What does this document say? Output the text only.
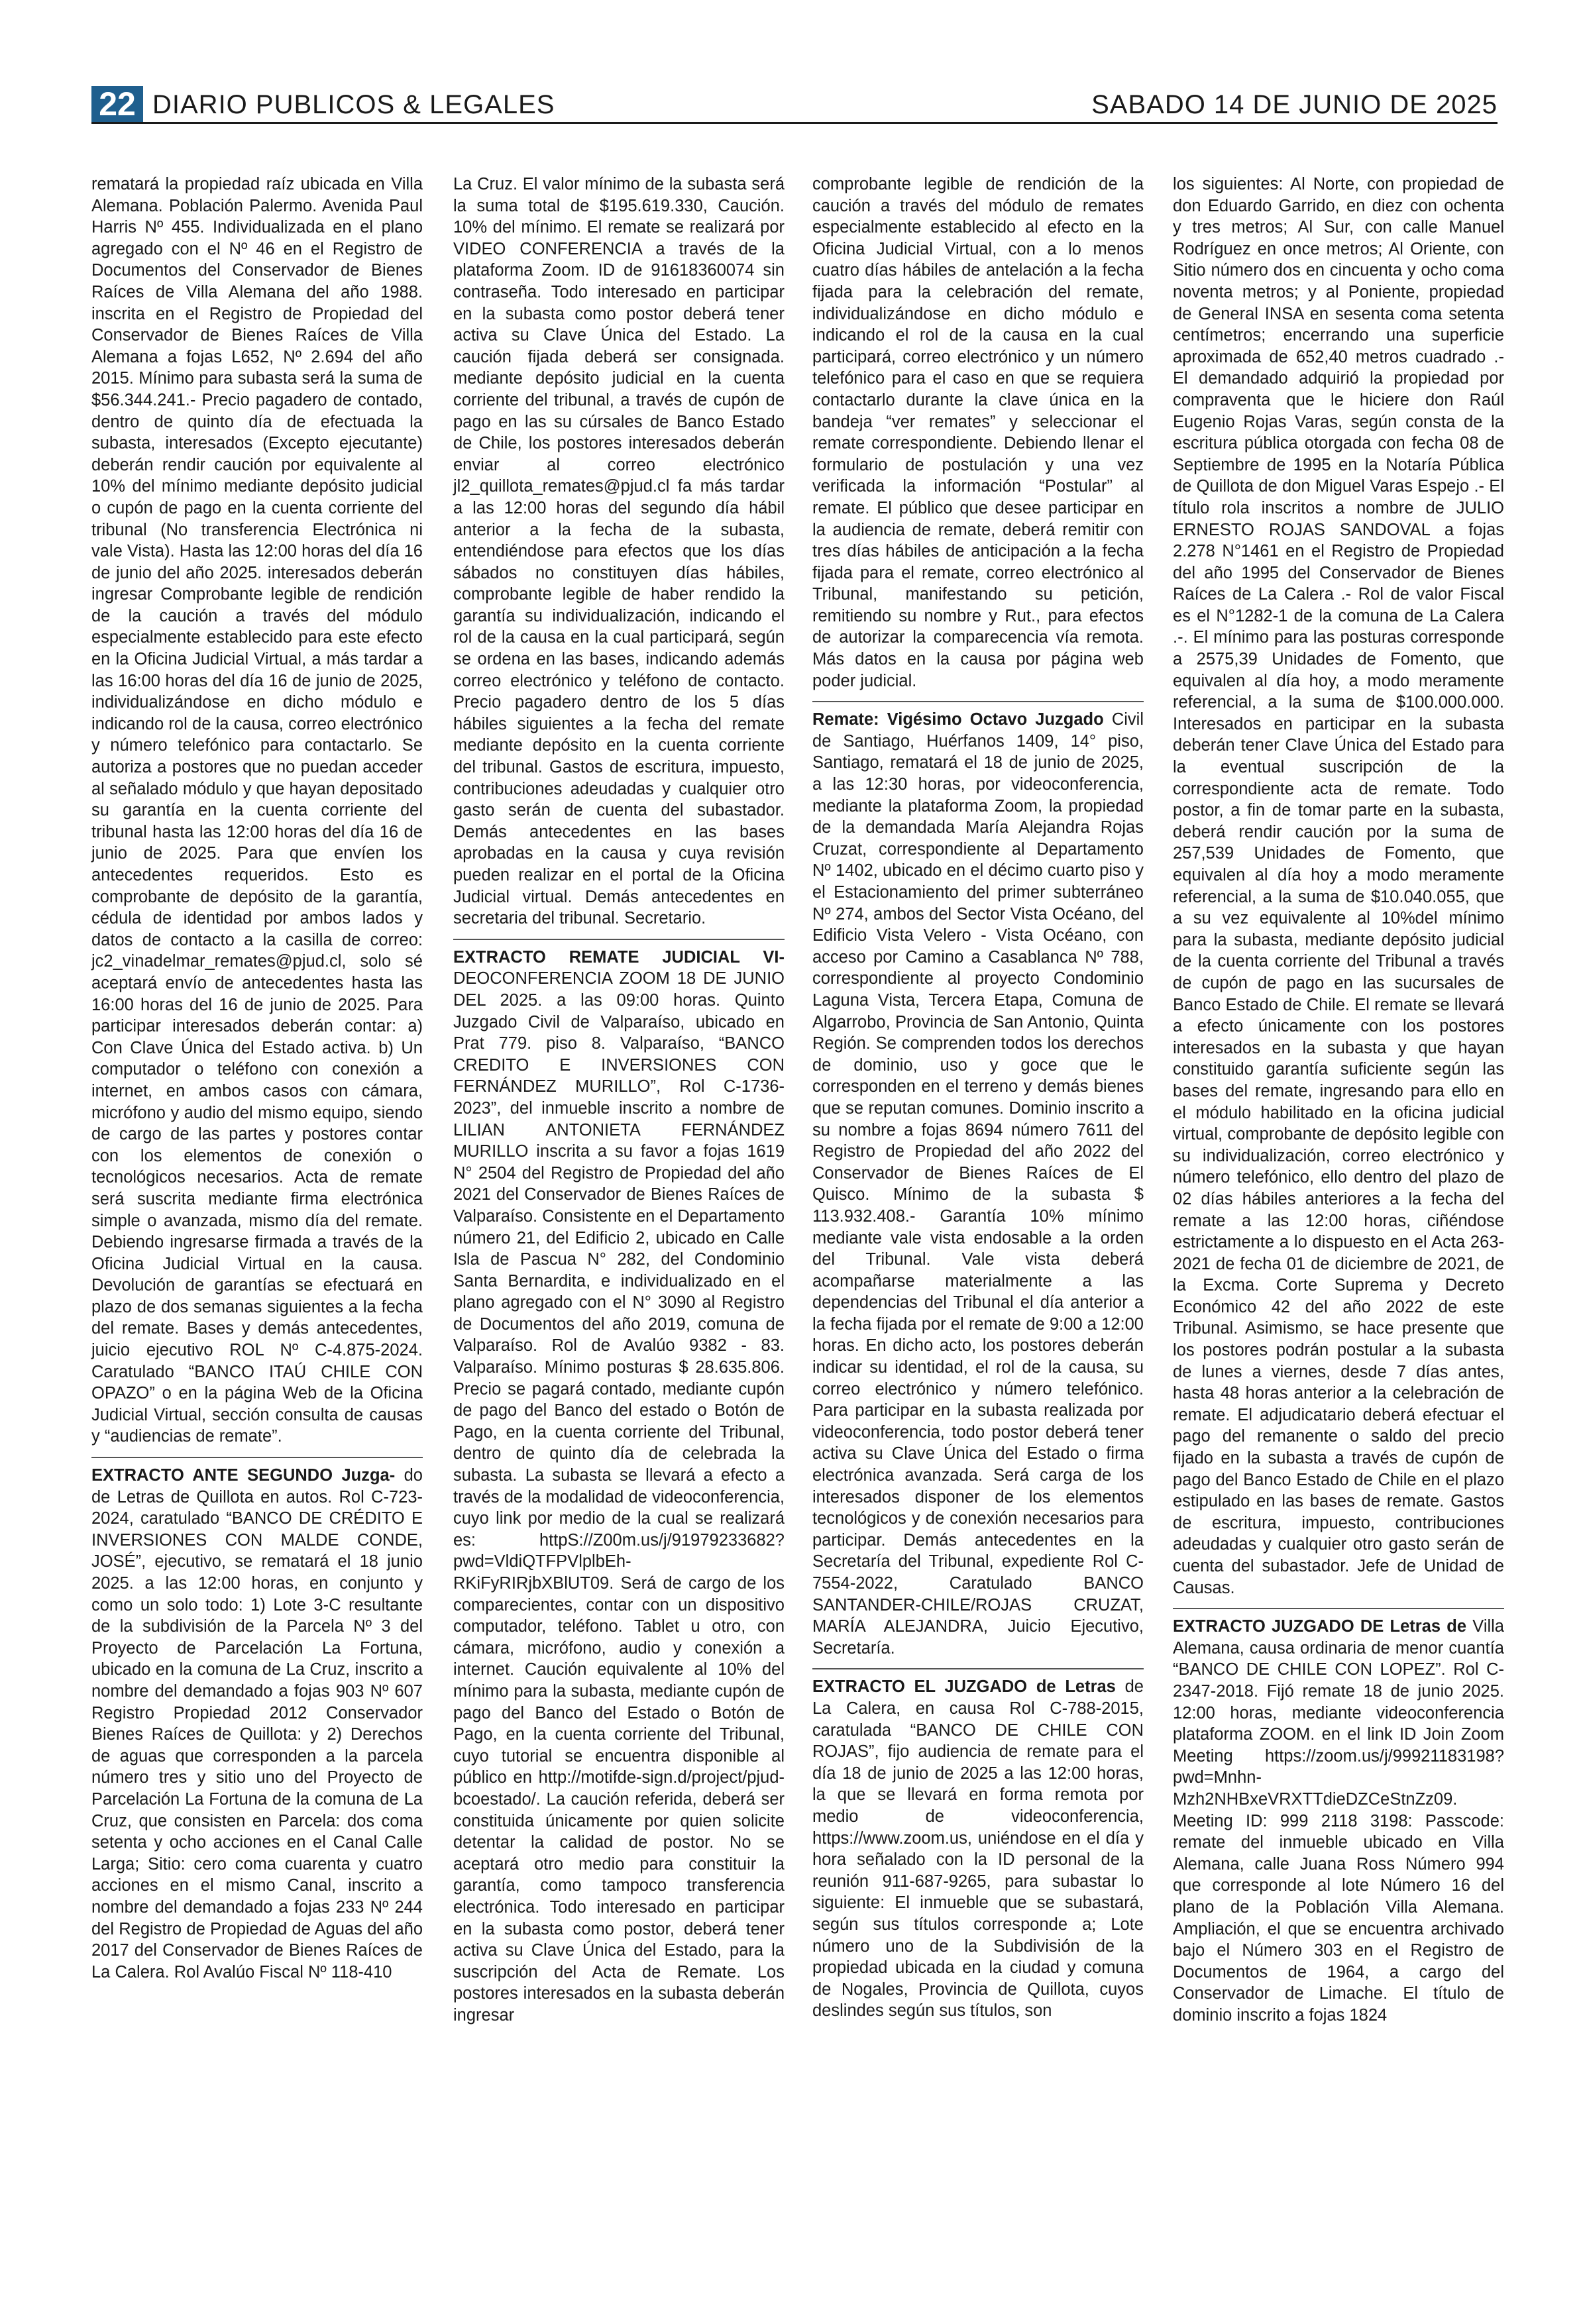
22 DIARIO PUBLICOS & LEGALES	SABADO 14 DE JUNIO DE 2025

rematará la propiedad raíz ubicada en Villa Alemana. Población Palermo. Avenida Paul Harris Nº 455. Individualizada en el plano agregado con el Nº 46 en el Registro de Documentos del Conservador de Bienes Raíces de Villa Alemana del año 1988. inscrita en el Registro de Propiedad del Conservador de Bienes Raíces de Villa Alemana a fojas L652, Nº 2.694 del año 2015. Mínimo para subasta será la suma de $56.344.241.- Precio pagadero de contado, dentro de quinto día de efectuada la subasta, interesados (Excepto ejecutante) deberán rendir caución por equivalente al 10% del mínimo mediante depósito judicial o cupón de pago en la cuenta corriente del tribunal (No transferencia Electrónica ni vale Vista). Hasta las 12:00 horas del día 16 de junio del año 2025. interesados deberán ingresar Comprobante legible de rendición de la caución a través del módulo especialmente establecido para este efecto en la Oficina Judicial Virtual, a más tardar a las 16:00 horas del día 16 de junio de 2025, individualizándose en dicho módulo e indicando rol de la causa, correo electrónico y número telefónico para contactarlo. Se autoriza a postores que no puedan acceder al señalado módulo y que hayan depositado su garantía en la cuenta corriente del tribunal hasta las 12:00 horas del día 16 de junio de 2025. Para que envíen los antecedentes requeridos. Esto es comprobante de depósito de la garantía, cédula de identidad por ambos lados y datos de contacto a la casilla de correo: jc2_vinadelmar_remates@pjud.cl, solo sé aceptará envío de antecedentes hasta las 16:00 horas del 16 de junio de 2025. Para participar interesados deberán contar: a) Con Clave Única del Estado activa. b) Un computador o teléfono con conexión a internet, en ambos casos con cámara, micrófono y audio del mismo equipo, siendo de cargo de las partes y postores contar con los elementos de conexión o tecnológicos necesarios. Acta de remate será suscrita mediante firma electrónica simple o avanzada, mismo día del remate. Debiendo ingresarse firmada a través de la Oficina Judicial Virtual en la causa. Devolución de garantías se efectuará en plazo de dos semanas siguientes a la fecha del remate. Bases y demás antecedentes, juicio ejecutivo ROL Nº C-4.875-2024. Caratulado “BANCO ITAÚ CHILE CON OPAZO” o en la página Web de la Oficina Judicial Virtual, sección consulta de causas y “audiencias de remate”.

EXTRACTO ANTE SEGUNDO Juzga- do de Letras de Quillota en autos. Rol C-723-2024, caratulado “BANCO DE CRÉDITO E INVERSIONES CON MALDE CONDE, JOSÉ”, ejecutivo, se rematará el 18 junio 2025. a las 12:00 horas, en conjunto y como un solo todo: 1) Lote 3-C resultante de la subdivisión de la Parcela Nº 3 del Proyecto de Parcelación La Fortuna, ubicado en la comuna de La Cruz, inscrito a nombre del demandado a fojas 903 Nº 607 Registro Propiedad 2012 Conservador Bienes Raíces de Quillota: y 2) Derechos de aguas que corresponden a la parcela número tres y sitio uno del Proyecto de Parcelación La Fortuna de la comuna de La Cruz, que consisten en Parcela: dos coma setenta y ocho acciones en el Canal Calle Larga; Sitio: cero coma cuarenta y cuatro acciones en el mismo Canal, inscrito a nombre del demandado a fojas 233 Nº 244 del Registro de Propiedad de Aguas del año 2017 del Conservador de Bienes Raíces de La Calera. Rol Avalúo Fiscal Nº 118-410

La Cruz. El valor mínimo de la subasta será la suma total de $195.619.330, Caución. 10% del mínimo. El remate se realizará por VIDEO CONFERENCIA a través de la plataforma Zoom. ID de 91618360074 sin contraseña. Todo interesado en participar en la subasta como postor deberá tener activa su Clave Única del Estado. La caución fijada deberá ser consignada. mediante depósito judicial en la cuenta corriente del tribunal, a través de cupón de pago en las su cúrsales de Banco Estado de Chile, los postores interesados deberán enviar al correo electrónico jl2_quillota_remates@pjud.cl fa más tardar a las 12:00 horas del segundo día hábil anterior a la fecha de la subasta, entendiéndose para efectos que los días sábados no constituyen días hábiles, comprobante legible de haber rendido la garantía su individualización, indicando el rol de la causa en la cual participará, según se ordena en las bases, indicando además correo electrónico y teléfono de contacto. Precio pagadero dentro de los 5 días hábiles siguientes a la fecha del remate mediante depósito en la cuenta corriente del tribunal. Gastos de escritura, impuesto, contribuciones adeudadas y cualquier otro gasto serán de cuenta del subastador. Demás antecedentes en las bases aprobadas en la causa y cuya revisión pueden realizar en el portal de la Oficina Judicial virtual. Demás antecedentes en secretaria del tribunal. Secretario.

EXTRACTO REMATE JUDICIAL VI- DEOCONFERENCIA ZOOM 18 DE JUNIO DEL 2025. a las 09:00 horas. Quinto Juzgado Civil de Valparaíso, ubicado en Prat 779. piso 8. Valparaíso, “BANCO CREDITO E INVERSIONES CON FERNÁNDEZ MURILLO”, Rol C-1736-2023”, del inmueble inscrito a nombre de LILIAN ANTONIETA FERNÁNDEZ MURILLO inscrita a su favor a fojas 1619 N° 2504 del Registro de Propiedad del año 2021 del Conservador de Bienes Raíces de Valparaíso. Consistente en el Departamento número 21, del Edificio 2, ubicado en Calle Isla de Pascua N° 282, del Condominio Santa Bernardita, e individualizado en el plano agregado con el N° 3090 al Registro de Documentos del año 2019, comuna de Valparaíso. Rol de Avalúo 9382 - 83. Valparaíso. Mínimo posturas $ 28.635.806. Precio se pagará contado, mediante cupón de pago del Banco del estado o Botón de Pago, en la cuenta corriente del Tribunal, dentro de quinto día de celebrada la subasta. La subasta se llevará a efecto a través de la modalidad de videoconferencia, cuyo link por medio de la cual se realizará es: httpS://Z00m.us/j/91979233682?pwd=VldiQTFPVlplbEh-RKiFyRIRjbXBlUT09. Será de cargo de los comparecientes, contar con un dispositivo computador, teléfono. Tablet u otro, con cámara, micrófono, audio y conexión a internet. Caución equivalente al 10% del mínimo para la subasta, mediante cupón de pago del Banco del Estado o Botón de Pago, en la cuenta corriente del Tribunal, cuyo tutorial se encuentra disponible al público en http://motifde-sign.d/project/pjud-bcoestado/. La caución referida, deberá ser constituida únicamente por quien solicite detentar la calidad de postor. No se aceptará otro medio para constituir la garantía, como tampoco transferencia electrónica. Todo interesado en participar en la subasta como postor, deberá tener activa su Clave Única del Estado, para la suscripción del Acta de Remate. Los postores interesados en la subasta deberán ingresar

comprobante legible de rendición de la caución a través del módulo de remates especialmente establecido al efecto en la Oficina Judicial Virtual, con a lo menos cuatro días hábiles de antelación a la fecha fijada para la celebración del remate, individualizándose en dicho módulo e indicando el rol de la causa en la cual participará, correo electrónico y un número telefónico para el caso en que se requiera contactarlo durante la clave única en la bandeja “ver remates” y seleccionar el remate correspondiente. Debiendo llenar el formulario de postulación y una vez verificada la información “Postular” al remate. El público que desee participar en la audiencia de remate, deberá remitir con tres días hábiles de anticipación a la fecha fijada para el remate, correo electrónico al Tribunal, manifestando su petición, remitiendo su nombre y Rut., para efectos de autorizar la comparecencia vía remota. Más datos en la causa por página web poder judicial.

Remate: Vigésimo Octavo Juzgado Civil de Santiago, Huérfanos 1409, 14° piso, Santiago, rematará el 18 de junio de 2025, a las 12:30 horas, por videoconferencia, mediante la plataforma Zoom, la propiedad de la demandada María Alejandra Rojas Cruzat, correspondiente al Departamento Nº 1402, ubicado en el décimo cuarto piso y el Estacionamiento del primer subterráneo Nº 274, ambos del Sector Vista Océano, del Edificio Vista Velero - Vista Océano, con acceso por Camino a Casablanca Nº 788, correspondiente al proyecto Condominio Laguna Vista, Tercera Etapa, Comuna de Algarrobo, Provincia de San Antonio, Quinta Región. Se comprenden todos los derechos de dominio, uso y goce que le corresponden en el terreno y demás bienes que se reputan comunes. Dominio inscrito a su nombre a fojas 8694 número 7611 del Registro de Propiedad del año 2022 del Conservador de Bienes Raíces de El Quisco. Mínimo de la subasta $ 113.932.408.- Garantía 10% mínimo mediante vale vista endosable a la orden del Tribunal. Vale vista deberá acompañarse materialmente a las dependencias del Tribunal el día anterior a la fecha fijada por el remate de 9:00 a 12:00 horas. En dicho acto, los postores deberán indicar su identidad, el rol de la causa, su correo electrónico y número telefónico. Para participar en la subasta realizada por videoconferencia, todo postor deberá tener activa su Clave Única del Estado o firma electrónica avanzada. Será carga de los interesados disponer de los elementos tecnológicos y de conexión necesarios para participar. Demás antecedentes en la Secretaría del Tribunal, expediente Rol C-7554-2022, Caratulado BANCO SANTANDER-CHILE/ROJAS CRUZAT, MARÍA ALEJANDRA, Juicio Ejecutivo, Secretaría.

EXTRACTO EL JUZGADO de Letras de La Calera, en causa Rol C-788-2015, caratulada “BANCO DE CHILE CON ROJAS”, fijo audiencia de remate para el día 18 de junio de 2025 a las 12:00 horas, la que se llevará en forma remota por medio de videoconferencia, https://www.zoom.us, uniéndose en el día y hora señalado con la ID personal de la reunión 911-687-9265, para subastar lo siguiente: El inmueble que se subastará, según sus títulos corresponde a; Lote número uno de la Subdivisión de la propiedad ubicada en la ciudad y comuna de Nogales, Provincia de Quillota, cuyos deslindes según sus títulos, son

los siguientes: Al Norte, con propiedad de don Eduardo Garrido, en diez con ochenta y tres metros; Al Sur, con calle Manuel Rodríguez en once metros; Al Oriente, con Sitio número dos en cincuenta y ocho coma noventa metros; y al Poniente, propiedad de General INSA en sesenta coma setenta centímetros; encerrando una superficie aproximada de 652,40 metros cuadrado .- El demandado adquirió la propiedad por compraventa que le hiciere don Raúl Eugenio Rojas Varas, según consta de la escritura pública otorgada con fecha 08 de Septiembre de 1995 en la Notaría Pública de Quillota de don Miguel Varas Espejo .- El título rola inscritos a nombre de JULIO ERNESTO ROJAS SANDOVAL a fojas 2.278 N°1461 en el Registro de Propiedad del año 1995 del Conservador de Bienes Raíces de La Calera .- Rol de valor Fiscal es el N°1282-1 de la comuna de La Calera .-. El mínimo para las posturas corresponde a 2575,39 Unidades de Fomento, que equivalen al día hoy, a modo meramente referencial, a la suma de $100.000.000. Interesados en participar en la subasta deberán tener Clave Única del Estado para la eventual suscripción de la correspondiente acta de remate. Todo postor, a fin de tomar parte en la subasta, deberá rendir caución por la suma de 257,539 Unidades de Fomento, que equivalen al día hoy a modo meramente referencial, a la suma de $10.040.055, que a su vez equivalente al 10%del mínimo para la subasta, mediante depósito judicial de la cuenta corriente del Tribunal a través de cupón de pago en las sucursales de Banco Estado de Chile. El remate se llevará a efecto únicamente con los postores interesados en la subasta y que hayan constituido garantía suficiente según las bases del remate, ingresando para ello en el módulo habilitado en la oficina judicial virtual, comprobante de depósito legible con su individualización, correo electrónico y número telefónico, ello dentro del plazo de 02 días hábiles anteriores a la fecha del remate a las 12:00 horas, ciñéndose estrictamente a lo dispuesto en el Acta 263-2021 de fecha 01 de diciembre de 2021, de la Excma. Corte Suprema y Decreto Económico 42 del año 2022 de este Tribunal. Asimismo, se hace presente que los postores podrán postular a la subasta de lunes a viernes, desde 7 días antes, hasta 48 horas anterior a la celebración de remate. El adjudicatario deberá efectuar el pago del remanente o saldo del precio fijado en la subasta a través de cupón de pago del Banco Estado de Chile en el plazo estipulado en las bases de remate. Gastos de escritura, impuesto, contribuciones adeudadas y cualquier otro gasto serán de cuenta del subastador. Jefe de Unidad de Causas.

EXTRACTO JUZGADO DE Letras de Villa Alemana, causa ordinaria de menor cuantía “BANCO DE CHILE CON LOPEZ”. Rol C-2347-2018. Fijó remate 18 de junio 2025. 12:00 horas, mediante videoconferencia plataforma ZOOM. en el link ID Join Zoom Meeting https://zoom.us/j/99921183198?pwd=Mnhn-Mzh2NHBxeVRXTTdieDZCeStnZz09. Meeting ID: 999 2118 3198: Passcode: remate del inmueble ubicado en Villa Alemana, calle Juana Ross Número 994 que corresponde al lote Número 16 del plano de la Población Villa Alemana. Ampliación, el que se encuentra archivado bajo el Número 303 en el Registro de Documentos de 1964, a cargo del Conservador de Limache. El título de dominio inscrito a fojas 1824
